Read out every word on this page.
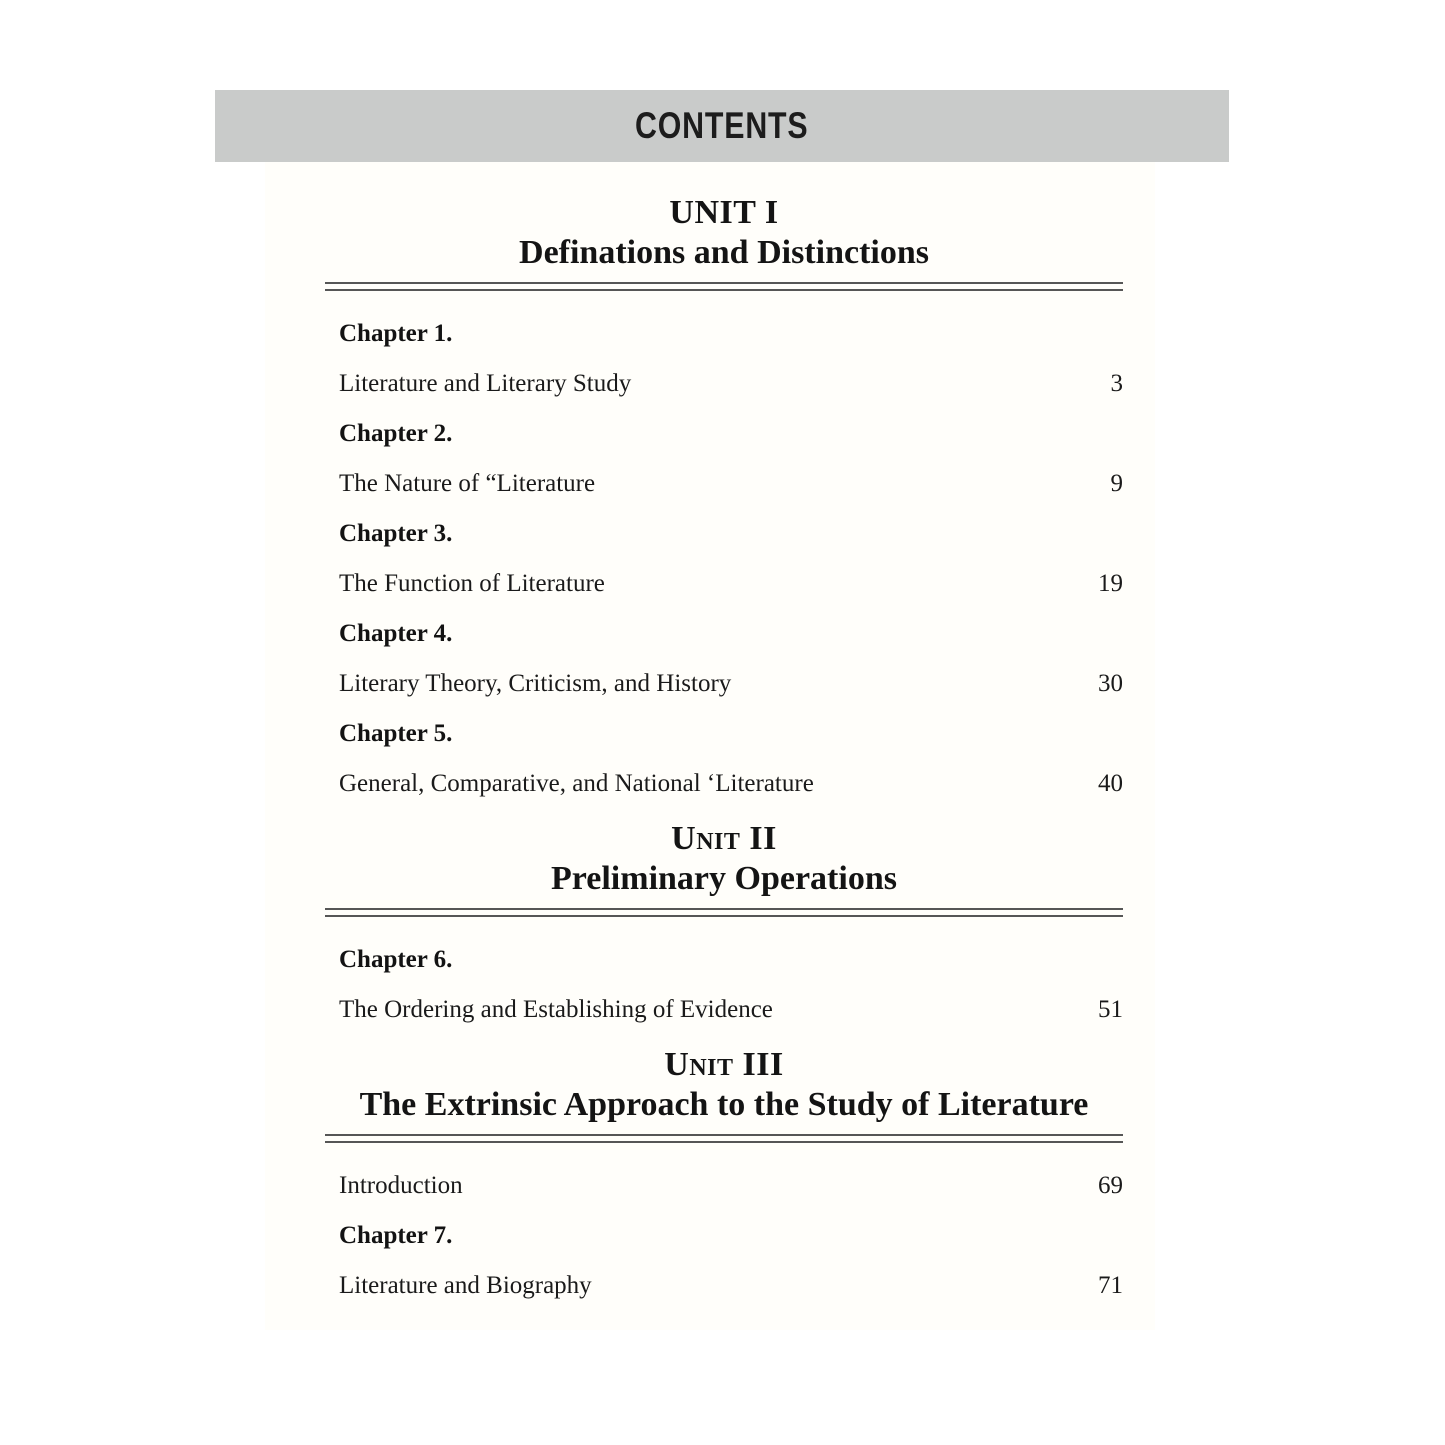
CONTENTS
UNIT I
Definations and Distinctions
Chapter 1.
Literature and Literary Study	3
Chapter 2.
The Nature of “Literature	9
Chapter 3.
The Function of Literature	19
Chapter 4.
Literary Theory, Criticism, and History	30
Chapter 5.
General, Comparative, and National ‘Literature	40
Unit II
Preliminary Operations
Chapter 6.
The Ordering and Establishing of Evidence	51
Unit III
The Extrinsic Approach to the Study of Literature
Introduction	69
Chapter 7.
Literature and Biography	71
